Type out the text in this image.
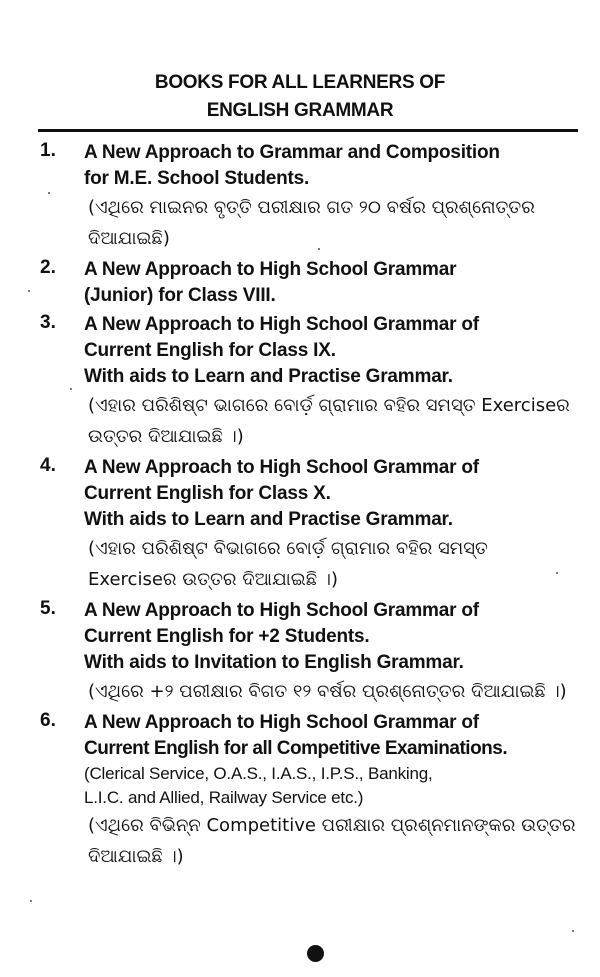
BOOKS FOR ALL LEARNERS OF
ENGLISH GRAMMAR
1. A New Approach to Grammar and Composition
for M.E. School Students.
(ଏଥିରେ ମାଇନର ବୃତ୍ତି ପରୀକ୍ଷାର ଗତ ୨୦ ବର୍ଷର ପ୍ରଶ୍ନୋତ୍ତର ଦିଆଯାଇଛି)
2. A New Approach to High School Grammar
(Junior) for Class VIII.
3. A New Approach to High School Grammar of
Current English for Class IX.
With aids to Learn and Practise Grammar.
(ଏହାର ପରିଶିଷ୍ଟ ଭାଗରେ ବୋର୍ଡ଼ ଗ୍ରାମାର ବହିର ସମସ୍ତ Exerciseର ଉତ୍ତର ଦିଆଯାଇଛି ।)
4. A New Approach to High School Grammar of
Current English for Class X.
With aids to Learn and Practise Grammar.
(ଏହାର ପରିଶିଷ୍ଟ ବିଭାଗରେ ବୋର୍ଡ଼ ଗ୍ରାମାର ବହିର ସମସ୍ତ Exerciseର ଉତ୍ତର ଦିଆଯାଇଛି ।)
5. A New Approach to High School Grammar of
Current English for +2 Students.
With aids to Invitation to English Grammar.
(ଏଥିରେ +୨ ପରୀକ୍ଷାର ବିଗତ ୧୨ ବର୍ଷର ପ୍ରଶ୍ନୋତ୍ତର ଦିଆଯାଇଛି ।)
6. A New Approach to High School Grammar of
Current English for all Competitive Examinations.
(Clerical Service, O.A.S., I.A.S., I.P.S., Banking,
L.I.C. and Allied, Railway Service etc.)
(ଏଥିରେ ବିଭିନ୍ନ Competitive ପରୀକ୍ଷାର ପ୍ରଶ୍ନମାନଙ୍କର ଉତ୍ତର ଦିଆଯାଇଛି ।)
